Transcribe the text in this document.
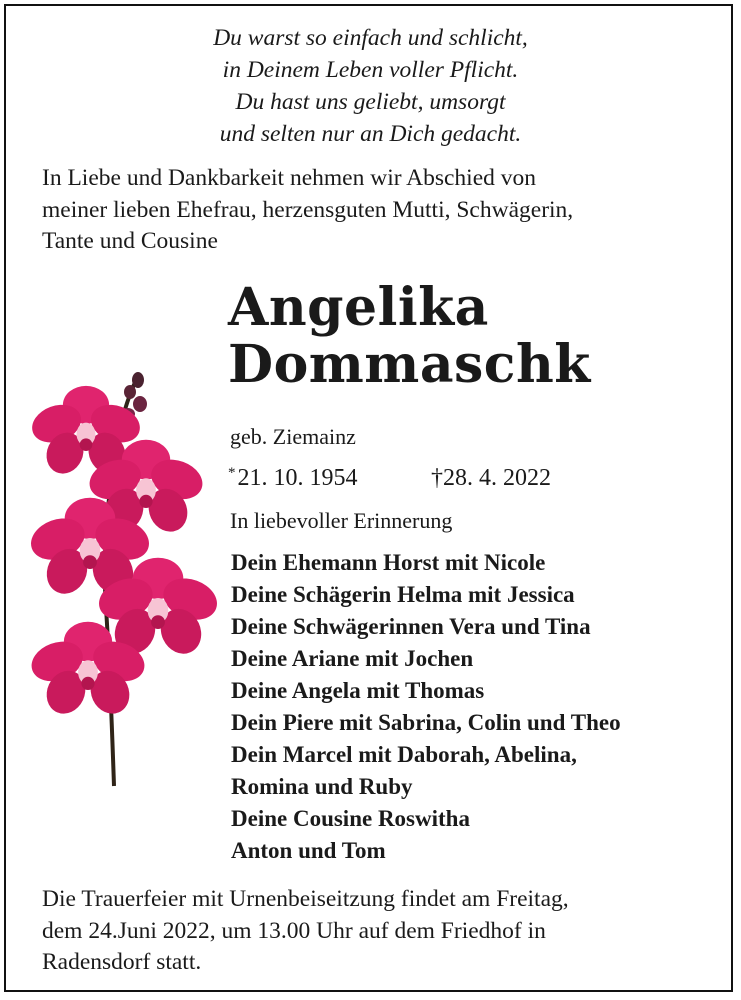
Du warst so einfach und schlicht,
in Deinem Leben voller Pflicht.
Du hast uns geliebt, umsorgt
und selten nur an Dich gedacht.
In Liebe und Dankbarkeit nehmen wir Abschied von
meiner lieben Ehefrau, herzensguten Mutti, Schwägerin,
Tante und Cousine
Angelika
Dommaschk
geb. Ziemainz
*21. 10. 1954	†28. 4. 2022
In liebevoller Erinnerung
Dein Ehemann Horst mit Nicole
Deine Schägerin Helma mit Jessica
Deine Schwägerinnen Vera und Tina
Deine Ariane mit Jochen
Deine Angela mit Thomas
Dein Piere mit Sabrina, Colin und Theo
Dein Marcel mit Daborah, Abelina,
Romina und Ruby
Deine Cousine Roswitha
Anton und Tom
Die Trauerfeier mit Urnenbeiseitzung findet am Freitag,
dem 24.Juni 2022, um 13.00 Uhr auf dem Friedhof in
Radensdorf statt.
